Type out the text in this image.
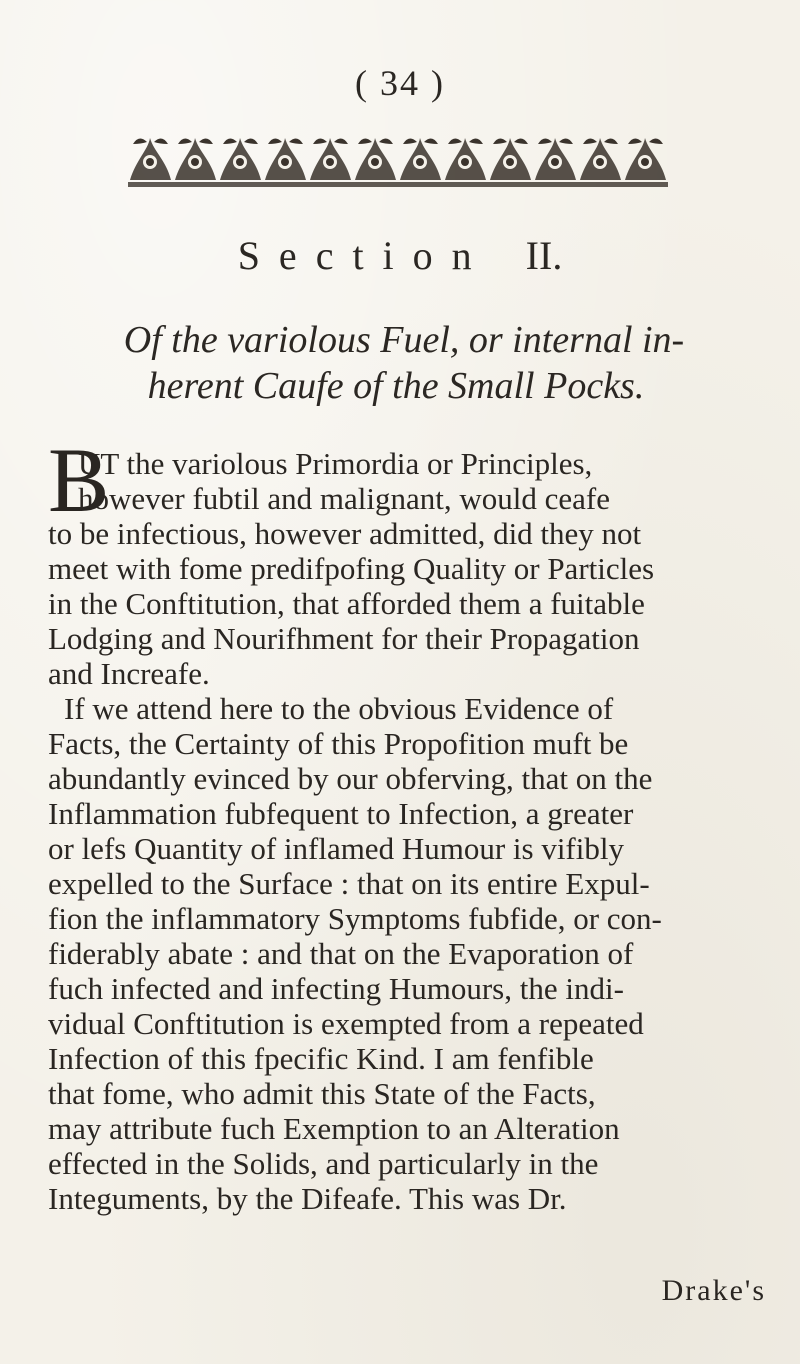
( 34 )
Section II.
Of the variolous Fuel, or internal in-
herent Caufe of the Small Pocks.
B
UT the variolous Primordia or Principles,
however fubtil and malignant, would ceafe
to be infectious, however admitted, did they not
meet with fome predifpofing Quality or Particles
in the Conftitution, that afforded them a fuitable
Lodging and Nourifhment for their Propagation
and Increafe.
If we attend here to the obvious Evidence of
Facts, the Certainty of this Propofition muft be
abundantly evinced by our obferving, that on the
Inflammation fubfequent to Infection, a greater
or lefs Quantity of inflamed Humour is vifibly
expelled to the Surface : that on its entire Expul-
fion the inflammatory Symptoms fubfide, or con-
fiderably abate : and that on the Evaporation of
fuch infected and infecting Humours, the indi-
vidual Conftitution is exempted from a repeated
Infection of this fpecific Kind. I am fenfible
that fome, who admit this State of the Facts,
may attribute fuch Exemption to an Alteration
effected in the Solids, and particularly in the
Integuments, by the Difeafe. This was Dr.
Drake's
